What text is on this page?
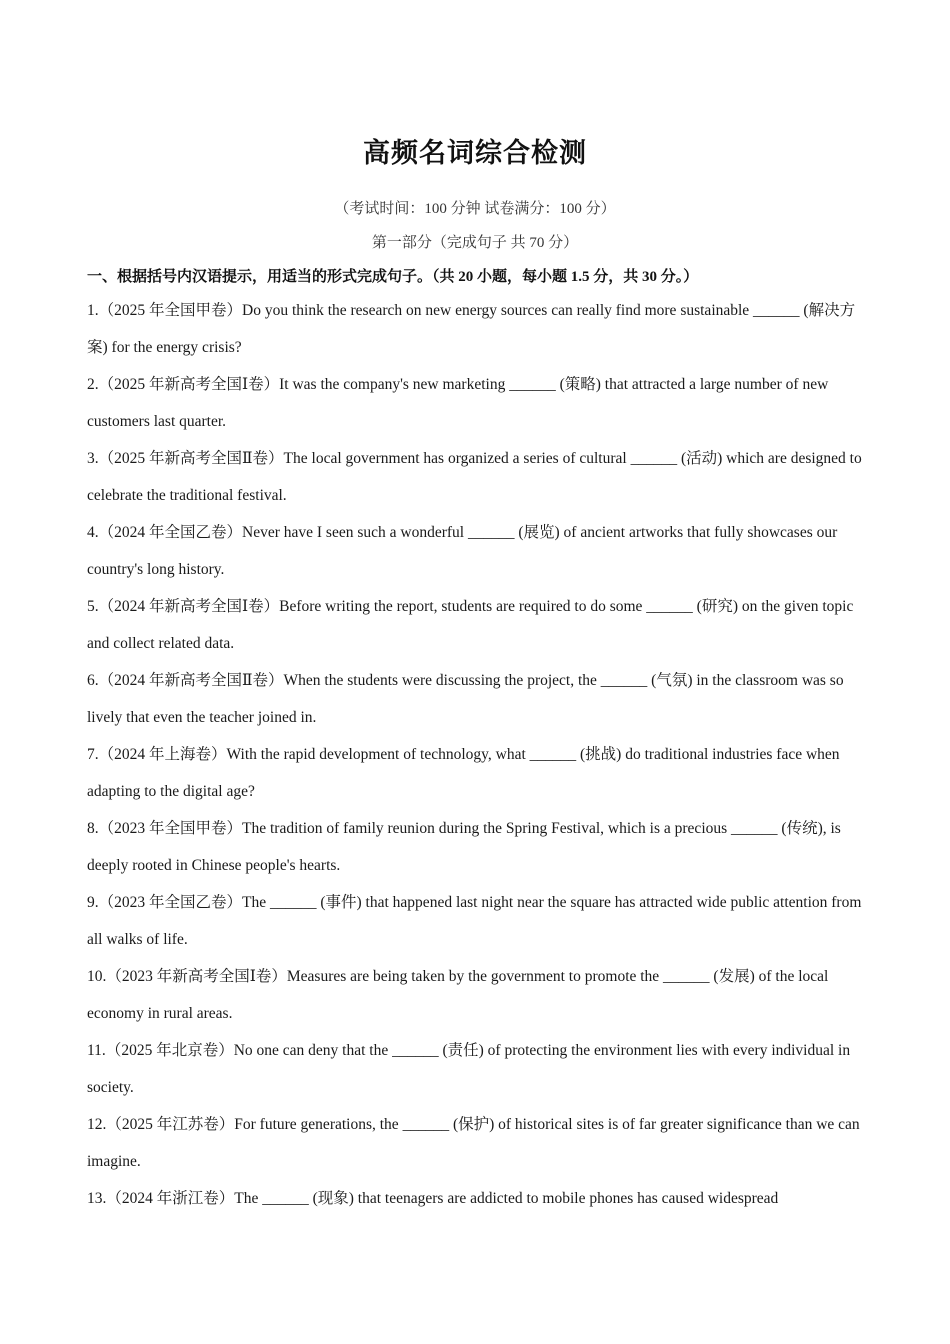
高频名词综合检测
（考试时间：100 分钟 试卷满分：100 分）
第一部分（完成句子 共 70 分）
一、根据括号内汉语提示，用适当的形式完成句子。（共 20 小题，每小题 1.5 分，共 30 分。）

1.（2025 年全国甲卷）Do you think the research on new energy sources can really find more sustainable ______ (解决方案) for the energy crisis?

2.（2025 年新高考全国Ⅰ卷）It was the company's new marketing ______ (策略) that attracted a large number of new customers last quarter.

3.（2025 年新高考全国Ⅱ卷）The local government has organized a series of cultural ______ (活动) which are designed to celebrate the traditional festival.

4.（2024 年全国乙卷）Never have I seen such a wonderful ______ (展览) of ancient artworks that fully showcases our country's long history.

5.（2024 年新高考全国Ⅰ卷）Before writing the report, students are required to do some ______ (研究) on the given topic and collect related data.

6.（2024 年新高考全国Ⅱ卷）When the students were discussing the project, the ______ (气氛) in the classroom was so lively that even the teacher joined in.

7.（2024 年上海卷）With the rapid development of technology, what ______ (挑战) do traditional industries face when adapting to the digital age?

8.（2023 年全国甲卷）The tradition of family reunion during the Spring Festival, which is a precious ______ (传统), is deeply rooted in Chinese people's hearts.

9.（2023 年全国乙卷）The ______ (事件) that happened last night near the square has attracted wide public attention from all walks of life.

10.（2023 年新高考全国Ⅰ卷）Measures are being taken by the government to promote the ______ (发展) of the local economy in rural areas.

11.（2025 年北京卷）No one can deny that the ______ (责任) of protecting the environment lies with every individual in society.

12.（2025 年江苏卷）For future generations, the ______ (保护) of historical sites is of far greater significance than we can imagine.

13.（2024 年浙江卷）The ______ (现象) that teenagers are addicted to mobile phones has caused widespread
